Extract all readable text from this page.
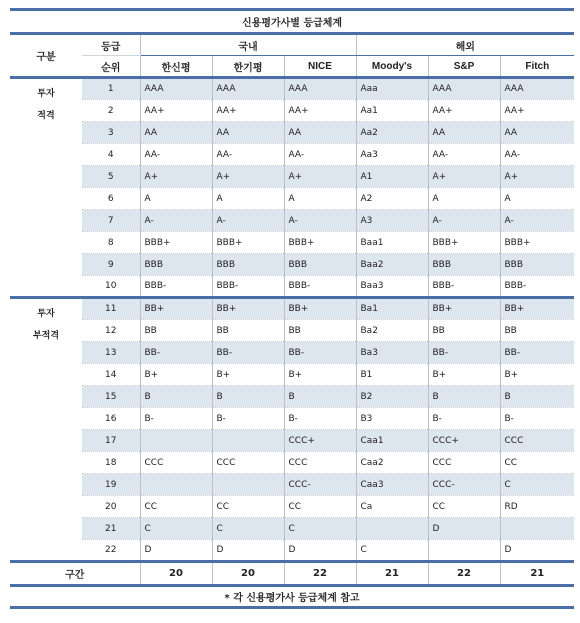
신용평가사별 등급체계							
구분	등급	국내			해외		
	순위	한신평	한기평	NICE	Moody's	S&P	Fitch

투자
적격	1	AAA	AAA	AAA	Aaa	AAA	AAA
	2	AA+	AA+	AA+	Aa1	AA+	AA+
	3	AA	AA	AA	Aa2	AA	AA
	4	AA-	AA-	AA-	Aa3	AA-	AA-
	5	A+	A+	A+	A1	A+	A+
	6	A	A	A	A2	A	A
	7	A-	A-	A-	A3	A-	A-
	8	BBB+	BBB+	BBB+	Baa1	BBB+	BBB+
	9	BBB	BBB	BBB	Baa2	BBB	BBB
	10	BBB-	BBB-	BBB-	Baa3	BBB-	BBB-

투자
부적격	11	BB+	BB+	BB+	Ba1	BB+	BB+
	12	BB	BB	BB	Ba2	BB	BB
	13	BB-	BB-	BB-	Ba3	BB-	BB-
	14	B+	B+	B+	B1	B+	B+
	15	B	B	B	B2	B	B
	16	B-	B-	B-	B3	B-	B-
	17			CCC+	Caa1	CCC+	CCC
	18	CCC	CCC	CCC	Caa2	CCC	CC
	19			CCC-	Caa3	CCC-	C
	20	CC	CC	CC	Ca	CC	RD
	21	C	C	C		D	
	22	D	D	D	C		D
구간		20	20	22	21	22	21
* 각 신용평가사 등급체계 참고							
